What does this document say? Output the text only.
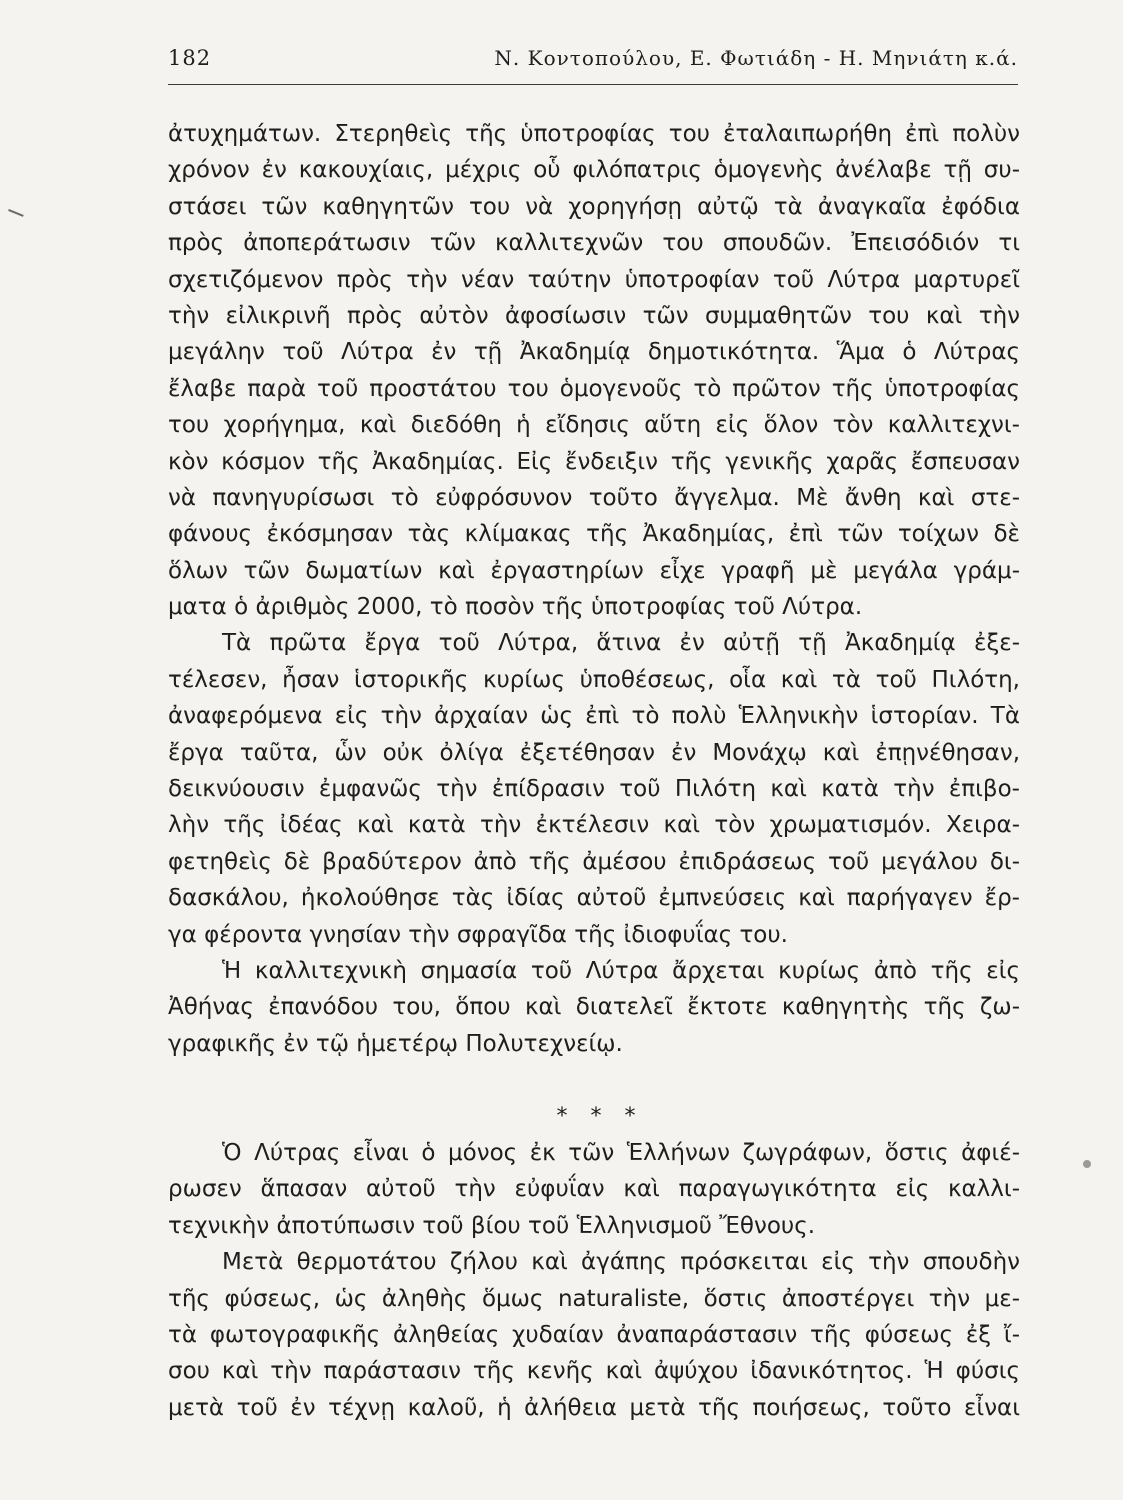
182	Ν. Κοντοπούλου, Ε. Φωτιάδη - Η. Μηνιάτη κ.ά.
ἀτυχημάτων. Στερηθεὶς τῆς ὑποτροφίας του ἐταλαιπωρήθη ἐπὶ πολὺν
χρόνον ἐν κακουχίαις, μέχρις οὗ φιλόπατρις ὁμογενὴς ἀνέλαβε τῇ συ-
στάσει τῶν καθηγητῶν του νὰ χορηγήσῃ αὐτῷ τὰ ἀναγκαῖα ἐφόδια
πρὸς ἀποπεράτωσιν τῶν καλλιτεχνῶν του σπουδῶν. Ἐπεισόδιόν τι
σχετιζόμενον πρὸς τὴν νέαν ταύτην ὑποτροφίαν τοῦ Λύτρα μαρτυρεῖ
τὴν εἰλικρινῆ πρὸς αὐτὸν ἀφοσίωσιν τῶν συμμαθητῶν του καὶ τὴν
μεγάλην τοῦ Λύτρα ἐν τῇ Ἀκαδημίᾳ δημοτικότητα. Ἅμα ὁ Λύτρας
ἔλαβε παρὰ τοῦ προστάτου του ὁμογενοῦς τὸ πρῶτον τῆς ὑποτροφίας
του χορήγημα, καὶ διεδόθη ἡ εἴδησις αὕτη εἰς ὅλον τὸν καλλιτεχνι-
κὸν κόσμον τῆς Ἀκαδημίας. Εἰς ἔνδειξιν τῆς γενικῆς χαρᾶς ἔσπευσαν
νὰ πανηγυρίσωσι τὸ εὐφρόσυνον τοῦτο ἄγγελμα. Μὲ ἄνθη καὶ στε-
φάνους ἐκόσμησαν τὰς κλίμακας τῆς Ἀκαδημίας, ἐπὶ τῶν τοίχων δὲ
ὅλων τῶν δωματίων καὶ ἐργαστηρίων εἶχε γραφῆ μὲ μεγάλα γράμ-
ματα ὁ ἀριθμὸς 2000, τὸ ποσὸν τῆς ὑποτροφίας τοῦ Λύτρα.
Τὰ πρῶτα ἔργα τοῦ Λύτρα, ἅτινα ἐν αὐτῇ τῇ Ἀκαδημίᾳ ἐξε-
τέλεσεν, ἦσαν ἱστορικῆς κυρίως ὑποθέσεως, οἷα καὶ τὰ τοῦ Πιλότη,
ἀναφερόμενα εἰς τὴν ἀρχαίαν ὡς ἐπὶ τὸ πολὺ Ἑλληνικὴν ἱστορίαν. Τὰ
ἔργα ταῦτα, ὧν οὐκ ὀλίγα ἐξετέθησαν ἐν Μονάχῳ καὶ ἐπῃνέθησαν,
δεικνύουσιν ἐμφανῶς τὴν ἐπίδρασιν τοῦ Πιλότη καὶ κατὰ τὴν ἐπιβο-
λὴν τῆς ἰδέας καὶ κατὰ τὴν ἐκτέλεσιν καὶ τὸν χρωματισμόν. Χειρα-
φετηθεὶς δὲ βραδύτερον ἀπὸ τῆς ἀμέσου ἐπιδράσεως τοῦ μεγάλου δι-
δασκάλου, ἠκολούθησε τὰς ἰδίας αὐτοῦ ἐμπνεύσεις καὶ παρήγαγεν ἔρ-
γα φέροντα γνησίαν τὴν σφραγῖδα τῆς ἰδιοφυΐας του.
Ἡ καλλιτεχνικὴ σημασία τοῦ Λύτρα ἄρχεται κυρίως ἀπὸ τῆς εἰς
Ἀθήνας ἐπανόδου του, ὅπου καὶ διατελεῖ ἔκτοτε καθηγητὴς τῆς ζω-
γραφικῆς ἐν τῷ ἡμετέρῳ Πολυτεχνείῳ.
* * *
Ὁ Λύτρας εἶναι ὁ μόνος ἐκ τῶν Ἑλλήνων ζωγράφων, ὅστις ἀφιέ-
ρωσεν ἅπασαν αὐτοῦ τὴν εὐφυΐαν καὶ παραγωγικότητα εἰς καλλι-
τεχνικὴν ἀποτύπωσιν τοῦ βίου τοῦ Ἑλληνισμοῦ Ἔθνους.
Μετὰ θερμοτάτου ζήλου καὶ ἀγάπης πρόσκειται εἰς τὴν σπουδὴν
τῆς φύσεως, ὡς ἀληθὴς ὅμως naturaliste, ὅστις ἀποστέργει τὴν με-
τὰ φωτογραφικῆς ἀληθείας χυδαίαν ἀναπαράστασιν τῆς φύσεως ἐξ ἴ-
σου καὶ τὴν παράστασιν τῆς κενῆς καὶ ἀψύχου ἰδανικότητος. Ἡ φύσις
μετὰ τοῦ ἐν τέχνῃ καλοῦ, ἡ ἀλήθεια μετὰ τῆς ποιήσεως, τοῦτο εἶναι
